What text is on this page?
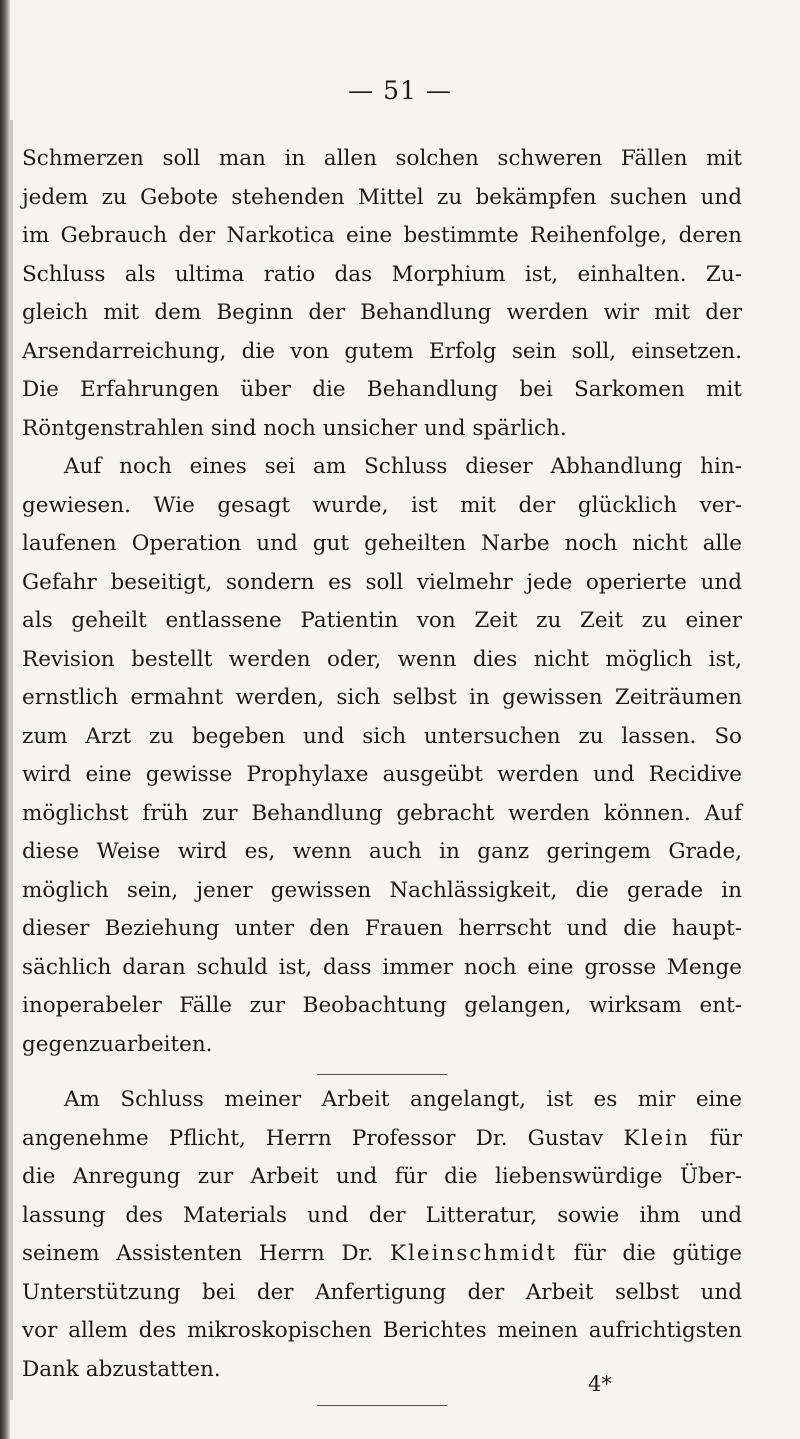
— 51 —
Schmerzen soll man in allen solchen schweren Fällen mit
jedem zu Gebote stehenden Mittel zu bekämpfen suchen und
im Gebrauch der Narkotica eine bestimmte Reihenfolge, deren
Schluss als ultima ratio das Morphium ist, einhalten. Zu-
gleich mit dem Beginn der Behandlung werden wir mit der
Arsendarreichung, die von gutem Erfolg sein soll, einsetzen.
Die Erfahrungen über die Behandlung bei Sarkomen mit
Röntgenstrahlen sind noch unsicher und spärlich.
Auf noch eines sei am Schluss dieser Abhandlung hin-
gewiesen. Wie gesagt wurde, ist mit der glücklich ver-
laufenen Operation und gut geheilten Narbe noch nicht alle
Gefahr beseitigt, sondern es soll vielmehr jede operierte und
als geheilt entlassene Patientin von Zeit zu Zeit zu einer
Revision bestellt werden oder, wenn dies nicht möglich ist,
ernstlich ermahnt werden, sich selbst in gewissen Zeiträumen
zum Arzt zu begeben und sich untersuchen zu lassen. So
wird eine gewisse Prophylaxe ausgeübt werden und Recidive
möglichst früh zur Behandlung gebracht werden können. Auf
diese Weise wird es, wenn auch in ganz geringem Grade,
möglich sein, jener gewissen Nachlässigkeit, die gerade in
dieser Beziehung unter den Frauen herrscht und die haupt-
sächlich daran schuld ist, dass immer noch eine grosse Menge
inoperabeler Fälle zur Beobachtung gelangen, wirksam ent-
gegenzuarbeiten.
Am Schluss meiner Arbeit angelangt, ist es mir eine
angenehme Pflicht, Herrn Professor Dr. Gustav Klein für
die Anregung zur Arbeit und für die liebenswürdige Über-
lassung des Materials und der Litteratur, sowie ihm und
seinem Assistenten Herrn Dr. Kleinschmidt für die gütige
Unterstützung bei der Anfertigung der Arbeit selbst und
vor allem des mikroskopischen Berichtes meinen aufrichtigsten
Dank abzustatten.
4*
